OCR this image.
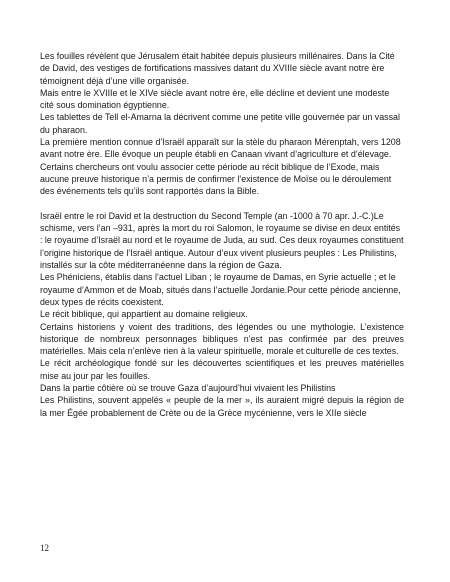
Les fouilles révèlent que Jérusalem était habitée depuis plusieurs millénaires. Dans la Cité de David, des vestiges de fortifications massives datant du XVIIIe siècle avant notre ère témoignent déjà d’une ville organisée.

Mais entre le XVIIIe et le XIVe siècle avant notre ère, elle décline et devient une modeste cité sous domination égyptienne.

Les tablettes de Tell el-Amarna la décrivent comme une petite ville gouvernée par un vassal du pharaon.

La première mention connue d’Israël apparaît sur la stèle du pharaon Mérenptah, vers 1208 avant notre ère. Elle évoque un peuple établi en Canaan vivant d’agriculture et d’élevage. Certains chercheurs ont voulu associer cette période au récit biblique de l’Exode, mais aucune preuve historique n’a permis de confirmer l’existence de Moïse ou le déroulement des événements tels qu’ils sont rapportés dans la Bible.

Israël entre le roi David et la destruction du Second Temple (an -1000 à 70 apr. J.-C.)Le schisme, vers l’an –931, après la mort du roi Salomon, le royaume se divise en deux entités : le royaume d’Israël au nord et le royaume de Juda, au sud. Ces deux royaumes constituent l’origine historique de l’Israël antique. Autour d’eux vivent plusieurs peuples : Les Philistins, installés sur la côte méditerranéenne dans la région de Gaza.

Les Phéniciens, établis dans l’actuel Liban ; le royaume de Damas, en Syrie actuelle ; et le royaume d’Ammon et de Moab, situés dans l’actuelle Jordanie.Pour cette période ancienne, deux types de récits coexistent.

Le récit biblique, qui appartient au domaine religieux.

Certains historiens y voient des traditions, des légendes ou une mythologie. L’existence historique de nombreux personnages bibliques n’est pas confirmée par des preuves matérielles. Mais cela n’enlève rien à la valeur spirituelle, morale et culturelle de ces textes.

Le récit archéologique fondé sur les découvertes scientifiques et les preuves matérielles mise au jour par les fouilles.

Dans la partie côtière où se trouve Gaza d’aujourd’hui vivaient les Philistins

Les Philistins, souvent appelés « peuple de la mer », ils auraient migré depuis la région de la mer Égée probablement de Crète ou de la Grèce mycénienne, vers le XIIe siècle

12
